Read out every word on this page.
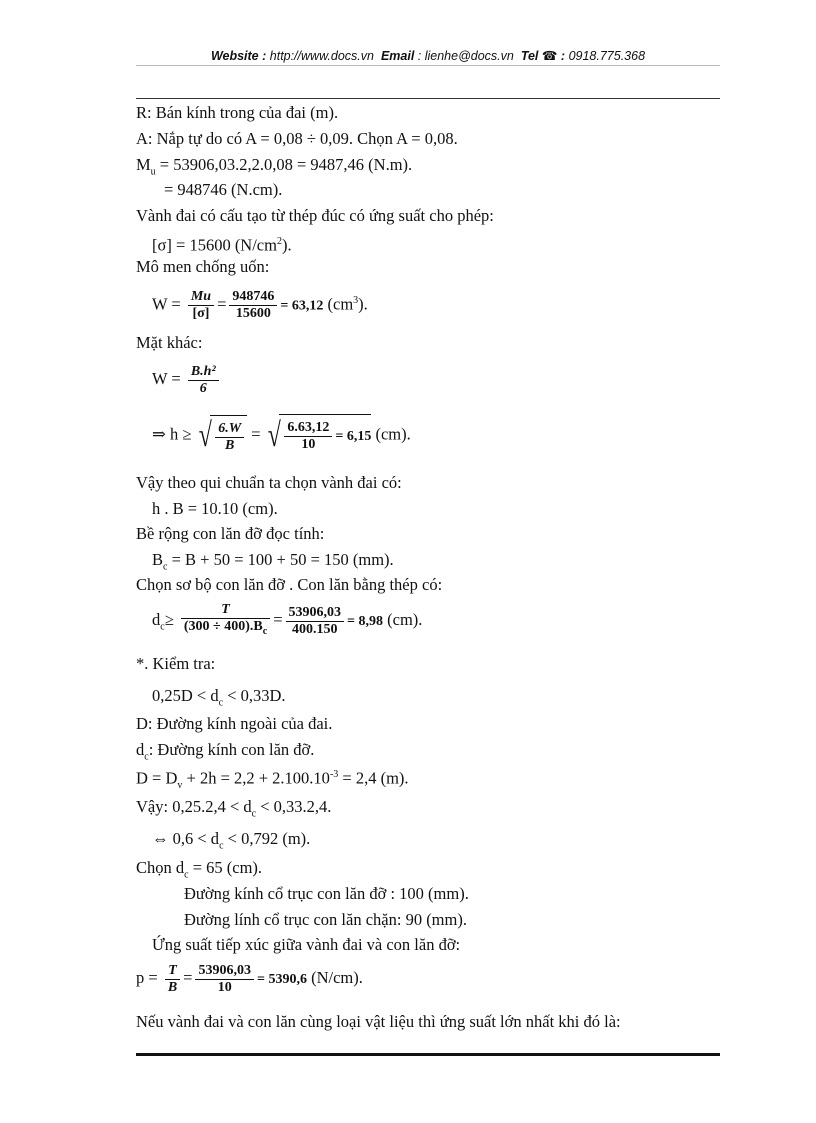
Website : http://www.docs.vn Email : lienhe@docs.vn Tel ☎ : 0918.775.368
R: Bán kính trong của đai (m).
A: Nắp tự do có A = 0,08 ÷ 0,09. Chọn A = 0,08.
$M_u = 53906,03.2,2.0,08 = 9487,46$ (N.m).
= 948746 (N.cm).
Vành đai có cấu tạo từ thép đúc có ứng suất cho phép:
[σ] = 15600 $(N/cm^2)$.
Mô men chống uốn:
$W = \frac{Mu}{[\sigma]} = \frac{948746}{15600} = 63,12$ $(cm^3)$.
Mặt khác:
$W = \frac{\text{B.h²}}{6}$
⇒ h ≥ √ $\frac{6.W}{B}$ = √ $\frac{6.63,12}{10} = 6,15$ (cm).
Vậy theo qui chuẩn ta chọn vành đai có:
h . B = 10.10 (cm).
Bề rộng con lăn đỡ đọc tính:
$B_c = B + 50 = 100 + 50 = 150$ (mm).
Chọn sơ bộ con lăn đỡ . Con lăn bằng thép có:
$d_c\ge \frac{T}{(300 \div 400).B_c} = \frac{53906,03}{400.150} = 8,98$ (cm).
*. Kiểm tra:
$0,25D < d_c < 0,33D$.
D: Đường kính ngoài của đai.
$d_c$: Đường kính con lăn đỡ.
$D = D_v + 2h = 2,2 + 2.100.10^{-3} = 2,4$ (m).
Vậy: $0,25.2,4 < d_c < 0,33.2,4$.
⇔ $0,6 < d_c < 0,792$ (m).
Chọn $d_c = 65$ (cm).
Đường kính cổ trục con lăn đỡ : 100 (mm).
Đường lính cổ trục con lăn chặn: 90 (mm).
Ứng suất tiếp xúc giữa vành đai và con lăn đỡ:
$p = \frac{T}{B} = \frac{53906,03}{10} = 5390,6$ (N/cm).
Nếu vành đai và con lăn cùng loại vật liệu thì ứng suất lớn nhất khi đó là:
